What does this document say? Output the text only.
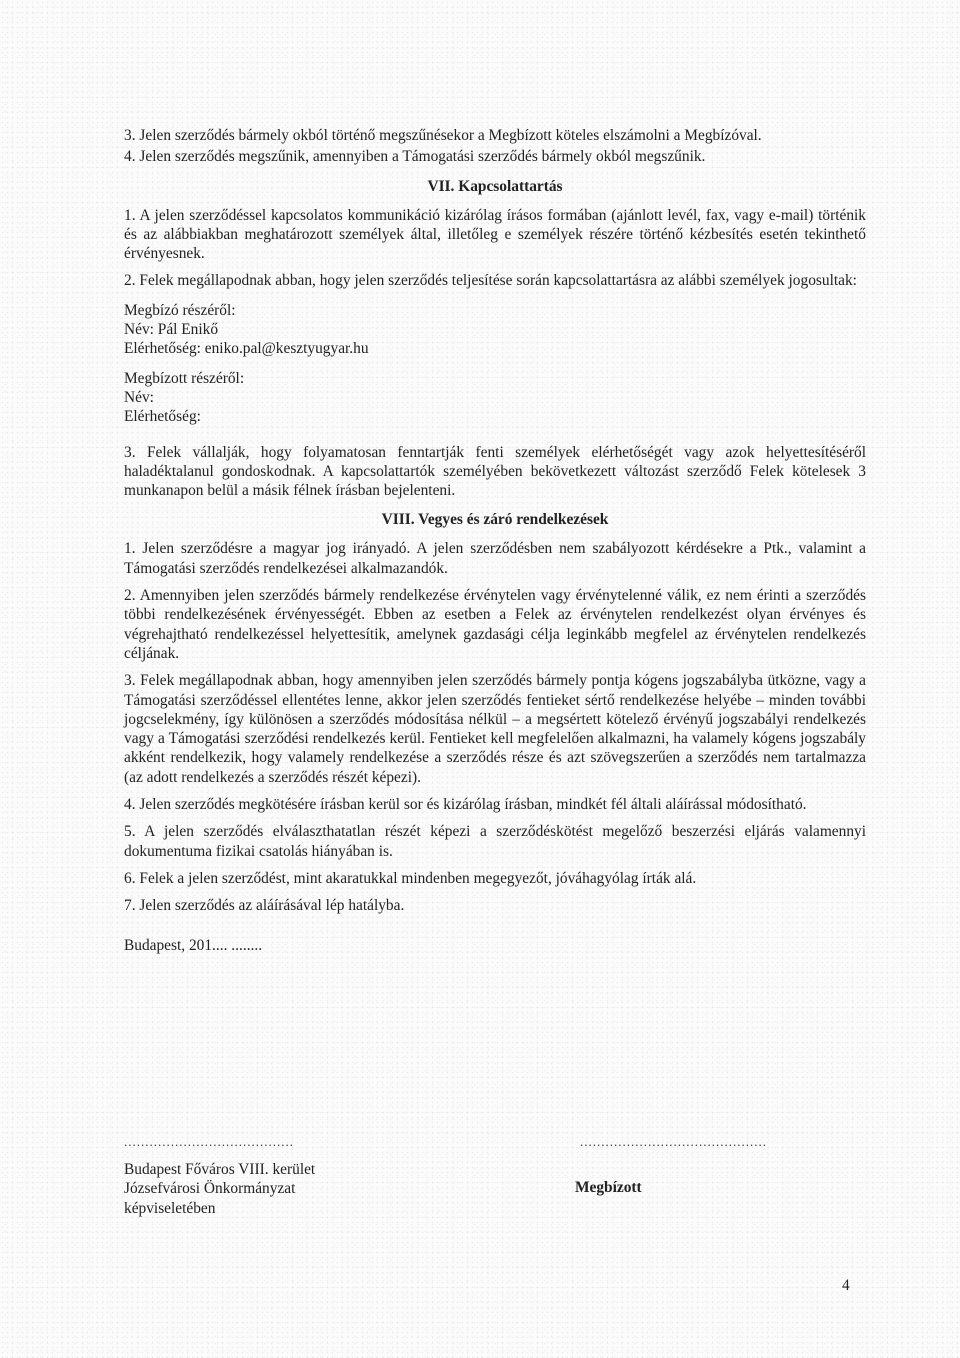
3. Jelen szerződés bármely okból történő megszűnésekor a Megbízott köteles elszámolni a Megbízóval.

4. Jelen szerződés megszűnik, amennyiben a Támogatási szerződés bármely okból megszűnik.

VII. Kapcsolattartás

1. A jelen szerződéssel kapcsolatos kommunikáció kizárólag írásos formában (ajánlott levél, fax, vagy e-mail) történik és az alábbiakban meghatározott személyek által, illetőleg e személyek részére történő kézbesítés esetén tekinthető érvényesnek.

2. Felek megállapodnak abban, hogy jelen szerződés teljesítése során kapcsolattartásra az alábbi személyek jogosultak:

Megbízó részéről:

Név: Pál Enikő

Elérhetőség: eniko.pal@kesztyugyar.hu

Megbízott részéről:

Név:

Elérhetőség:

3. Felek vállalják, hogy folyamatosan fenntartják fenti személyek elérhetőségét vagy azok helyettesítéséről haladéktalanul gondoskodnak. A kapcsolattartók személyében bekövetkezett változást szerződő Felek kötelesek 3 munkanapon belül a másik félnek írásban bejelenteni.

VIII. Vegyes és záró rendelkezések

1. Jelen szerződésre a magyar jog irányadó. A jelen szerződésben nem szabályozott kérdésekre a Ptk., valamint a Támogatási szerződés rendelkezései alkalmazandók.

2. Amennyiben jelen szerződés bármely rendelkezése érvénytelen vagy érvénytelenné válik, ez nem érinti a szerződés többi rendelkezésének érvényességét. Ebben az esetben a Felek az érvénytelen rendelkezést olyan érvényes és végrehajtható rendelkezéssel helyettesítik, amelynek gazdasági célja leginkább megfelel az érvénytelen rendelkezés céljának.

3. Felek megállapodnak abban, hogy amennyiben jelen szerződés bármely pontja kógens jogszabályba ütközne, vagy a Támogatási szerződéssel ellentétes lenne, akkor jelen szerződés fentieket sértő rendelkezése helyébe – minden további jogcselekmény, így különösen a szerződés módosítása nélkül – a megsértett kötelező érvényű jogszabályi rendelkezés vagy a Támogatási szerződési rendelkezés kerül. Fentieket kell megfelelően alkalmazni, ha valamely kógens jogszabály akként rendelkezik, hogy valamely rendelkezése a szerződés része és azt szövegszerűen a szerződés nem tartalmazza (az adott rendelkezés a szerződés részét képezi).

4. Jelen szerződés megkötésére írásban kerül sor és kizárólag írásban, mindkét fél általi aláírással módosítható.

5. A jelen szerződés elválaszthatatlan részét képezi a szerződéskötést megelőző beszerzési eljárás valamennyi dokumentuma fizikai csatolás hiányában is.

6. Felek a jelen szerződést, mint akaratukkal mindenben megegyezőt, jóváhagyólag írták alá.

7. Jelen szerződés az aláírásával lép hatályba.

Budapest, 201.... ........

........................................	............................................
Budapest Főváros VIII. kerület
Józsefvárosi Önkormányzat
képviseletében
Megbízott
4
